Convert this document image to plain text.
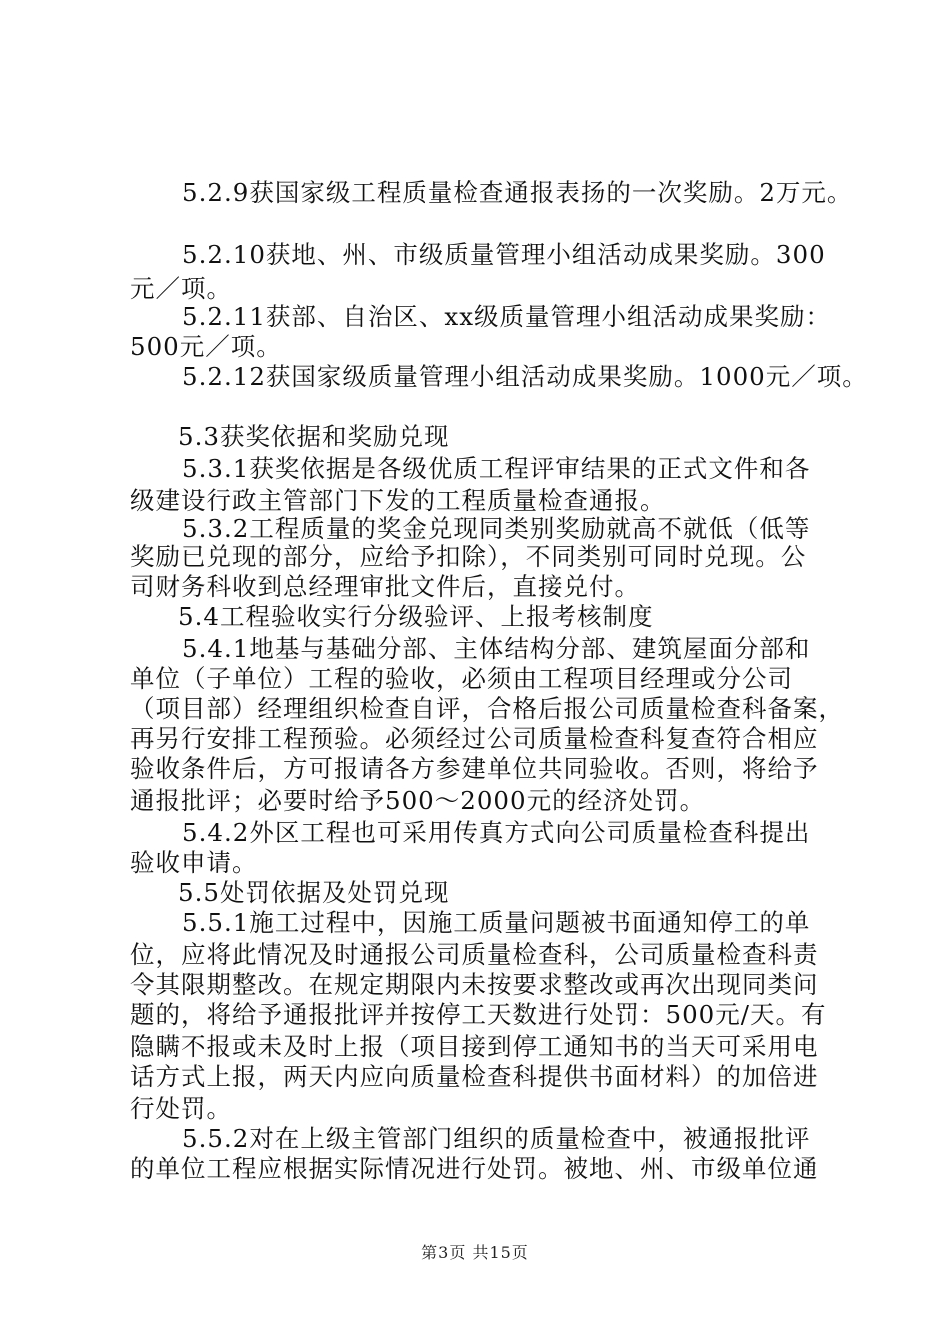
5.2.9获国家级工程质量检查通报表扬的一次奖励。2万元。
5.2.10获地、州、市级质量管理小组活动成果奖励。300
元／项。
5.2.11获部、自治区、xx级质量管理小组活动成果奖励：
500元／项。
5.2.12获国家级质量管理小组活动成果奖励。1000元／项。
5.3获奖依据和奖励兑现
5.3.1获奖依据是各级优质工程评审结果的正式文件和各
级建设行政主管部门下发的工程质量检查通报。
5.3.2工程质量的奖金兑现同类别奖励就高不就低（低等
奖励已兑现的部分，应给予扣除），不同类别可同时兑现。公
司财务科收到总经理审批文件后，直接兑付。
5.4工程验收实行分级验评、上报考核制度
5.4.1地基与基础分部、主体结构分部、建筑屋面分部和
单位（子单位）工程的验收，必须由工程项目经理或分公司
（项目部）经理组织检查自评，合格后报公司质量检查科备案，
再另行安排工程预验。必须经过公司质量检查科复查符合相应
验收条件后，方可报请各方参建单位共同验收。否则，将给予
通报批评；必要时给予500～2000元的经济处罚。
5.4.2外区工程也可采用传真方式向公司质量检查科提出
验收申请。
5.5处罚依据及处罚兑现
5.5.1施工过程中，因施工质量问题被书面通知停工的单
位，应将此情况及时通报公司质量检查科，公司质量检查科责
令其限期整改。在规定期限内未按要求整改或再次出现同类问
题的，将给予通报批评并按停工天数进行处罚：500元/天。有
隐瞒不报或未及时上报（项目接到停工通知书的当天可采用电
话方式上报，两天内应向质量检查科提供书面材料）的加倍进
行处罚。
5.5.2对在上级主管部门组织的质量检查中，被通报批评
的单位工程应根据实际情况进行处罚。被地、州、市级单位通
第3页 共15页
